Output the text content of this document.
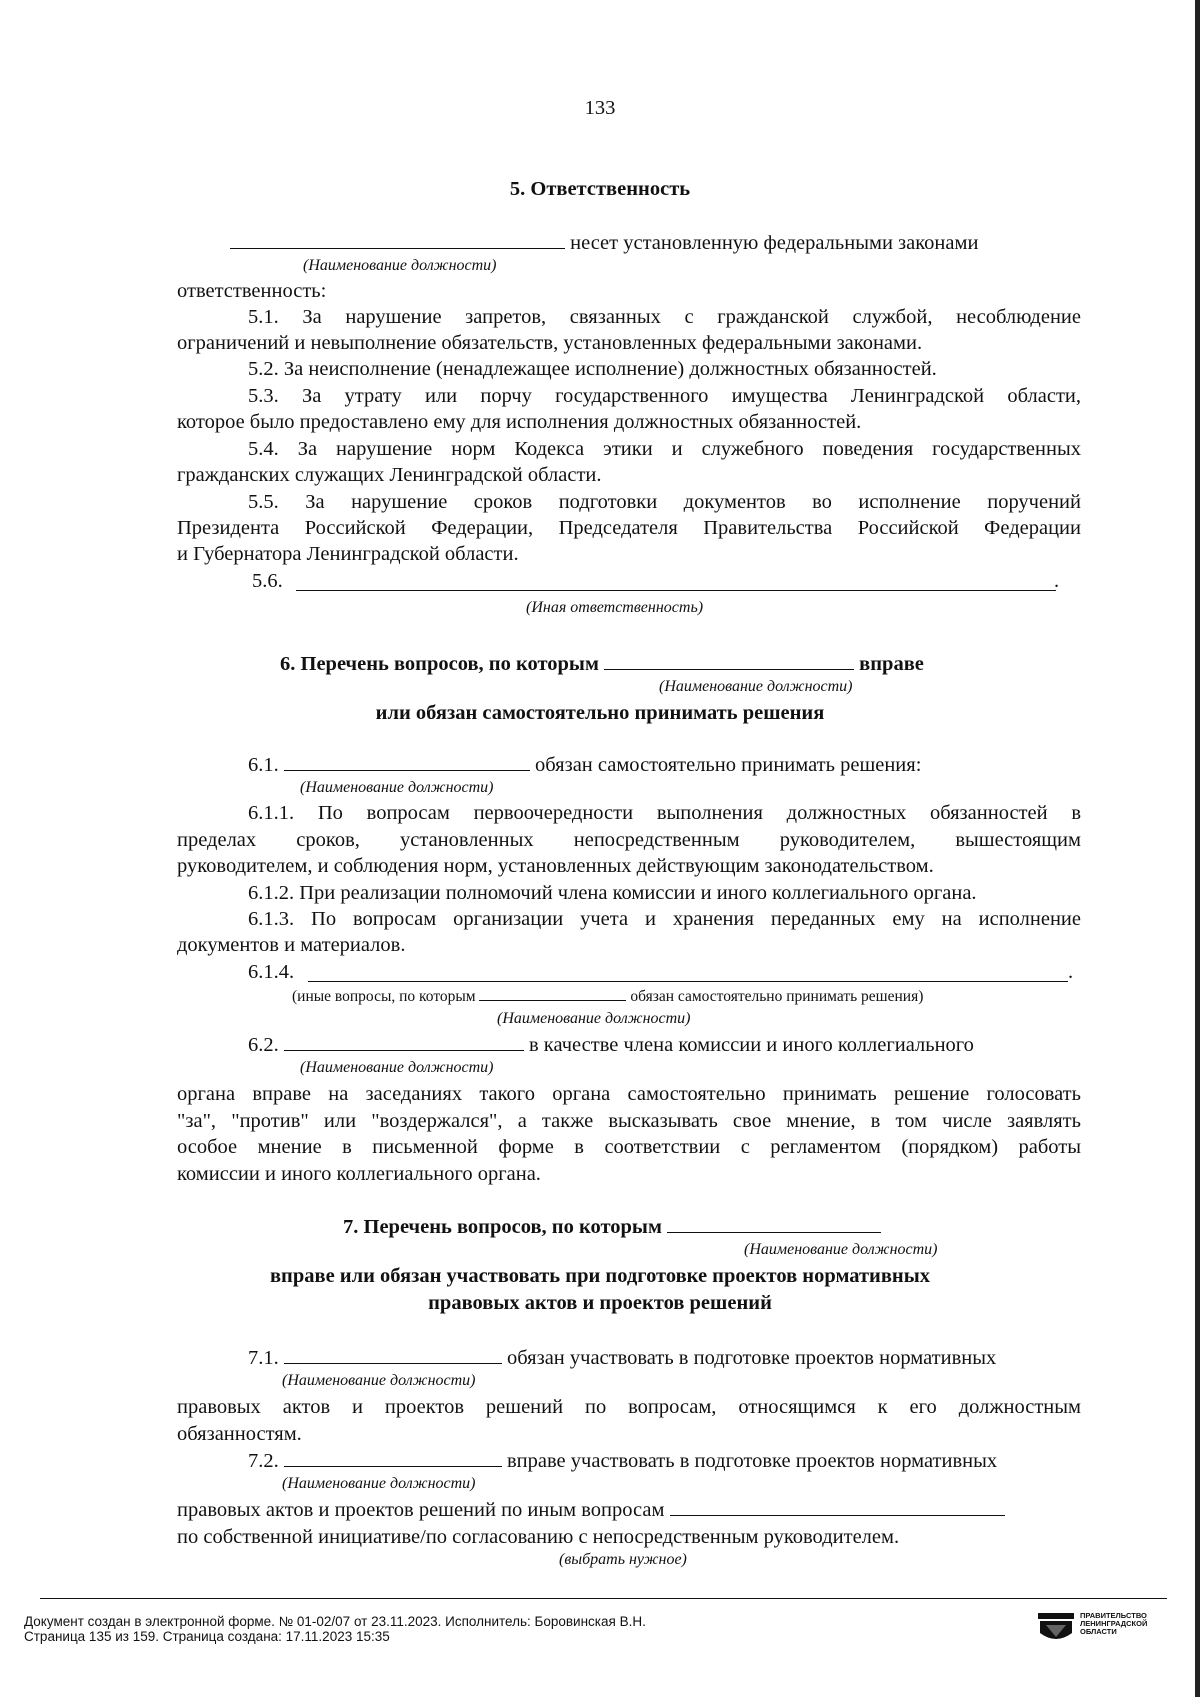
133
5. Ответственность
несет установленную федеральными законами
(Наименование должности)
ответственность:
5.1. За нарушение запретов, связанных с гражданской службой, несоблюдение
ограничений и невыполнение обязательств, установленных федеральными законами.
5.2. За неисполнение (ненадлежащее исполнение) должностных обязанностей.
5.3. За утрату или порчу государственного имущества Ленинградской области,
которое было предоставлено ему для исполнения должностных обязанностей.
5.4. За нарушение норм Кодекса этики и служебного поведения государственных
гражданских служащих Ленинградской области.
5.5. За нарушение сроков подготовки документов во исполнение поручений
Президента Российской Федерации, Председателя Правительства Российской Федерации
и Губернатора Ленинградской области.
5.6.	.
(Иная ответственность)
6. Перечень вопросов, по которым	вправе
(Наименование должности)
или обязан самостоятельно принимать решения
6.1.	обязан самостоятельно принимать решения:
(Наименование должности)
6.1.1. По вопросам первоочередности выполнения должностных обязанностей в
пределах сроков, установленных непосредственным руководителем, вышестоящим
руководителем, и соблюдения норм, установленных действующим законодательством.
6.1.2. При реализации полномочий члена комиссии и иного коллегиального органа.
6.1.3. По вопросам организации учета и хранения переданных ему на исполнение
документов и материалов.
6.1.4.	.
(иные вопросы, по которым	обязан самостоятельно принимать решения)
(Наименование должности)
6.2.	в качестве члена комиссии и иного коллегиального
(Наименование должности)
органа вправе на заседаниях такого органа самостоятельно принимать решение голосовать
"за", "против" или "воздержался", а также высказывать свое мнение, в том числе заявлять
особое мнение в письменной форме в соответствии с регламентом (порядком) работы
комиссии и иного коллегиального органа.
7. Перечень вопросов, по которым
(Наименование должности)
вправе или обязан участвовать при подготовке проектов нормативных
правовых актов и проектов решений
7.1.	обязан участвовать в подготовке проектов нормативных
(Наименование должности)
правовых актов и проектов решений по вопросам, относящимся к его должностным
обязанностям.
7.2.	вправе участвовать в подготовке проектов нормативных
(Наименование должности)
правовых актов и проектов решений по иным вопросам
по собственной инициативе/по согласованию с непосредственным руководителем.
(выбрать нужное)
Документ создан в электронной форме. № 01-02/07 от 23.11.2023. Исполнитель: Боровинская В.Н.
Страница 135 из 159. Страница создана: 17.11.2023 15:35
ПРАВИТЕЛЬСТВО
ЛЕНИНГРАДСКОЙ
ОБЛАСТИ
